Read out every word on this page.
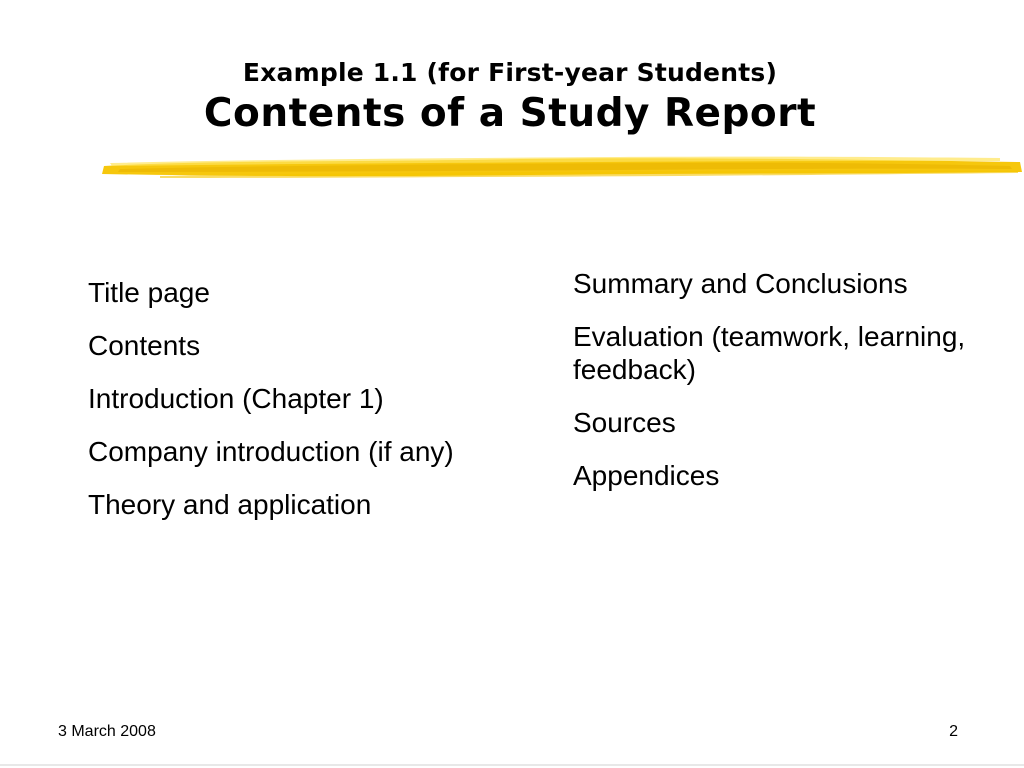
Example 1.1 (for First-year Students)
Contents of a Study Report
Title page
Contents
Introduction (Chapter 1)
Company introduction (if any)
Theory and application
Summary and Conclusions
Evaluation (teamwork, learning, feedback)
Sources
Appendices
3 March 2008	2
